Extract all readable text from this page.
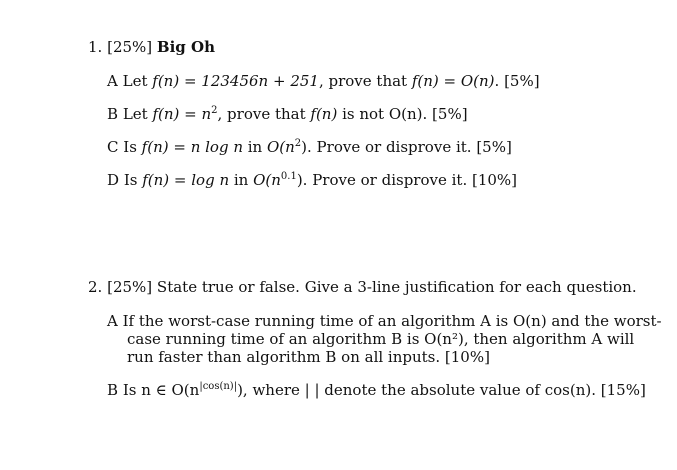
1. [25%] Big Oh
A Let f(n) = 123456n + 251, prove that f(n) = O(n). [5%]
B Let $f(n) = n^2$, prove that f(n) is not O(n). [5%]
C Is f(n) = n log n in $O(n^2)$. Prove or disprove it. [5%]
D Is f(n) = log n in $O(n^{0.1})$. Prove or disprove it. [10%]
2. [25%] State true or false. Give a 3-line justification for each question.
A If the worst-case running time of an algorithm A is O(n) and the worst-
case running time of an algorithm B is O(n²), then algorithm A will
run faster than algorithm B on all inputs. [10%]
B Is n ∈ $O(n^{|cos(n)|})$, where | | denote the absolute value of cos(n). [15%]
